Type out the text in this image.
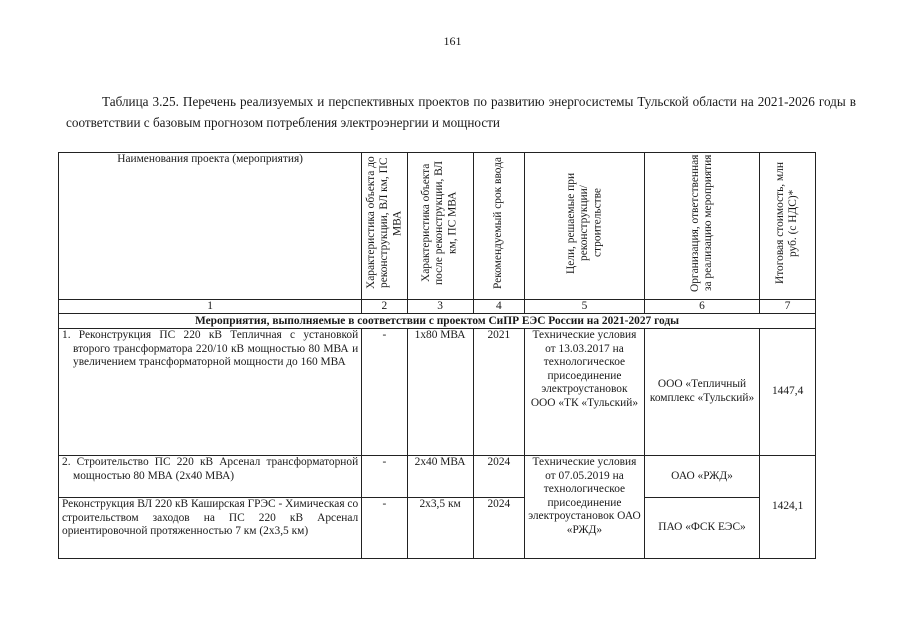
161
Таблица 3.25. Перечень реализуемых и перспективных проектов по развитию энергосистемы Тульской области на 2021-2026 годы в соответствии с базовым прогнозом потребления электроэнергии и мощности
Наименования проекта (мероприятия)	Характеристика объекта до реконструкции, ВЛ км, ПС МВА	Характеристика объекта после реконструкции, ВЛ км, ПС МВА	Рекомендуемый срок ввода	Цели, решаемые при реконструкции/ строительстве	Организация, ответственная за реализацию мероприятия	Итоговая стоимость, млн руб. (с НДС)*

1	2	3	4	5	6	7
Мероприятия, выполняемые в соответствии с проектом СиПР ЕЭС России на 2021-2027 годы						
1. Реконструкция ПС 220 кВ Тепличная с установкой второго трансформатора 220/10 кВ мощностью 80 МВА и увеличением трансформаторной мощности до 160 МВА	-	1x80 МВА	2021	Технические условия от 13.03.2017 на технологическое присоединение электроустановок ООО «ТК «Тульский»	ООО «Тепличный комплекс «Тульский»	1447,4
2. Строительство ПС 220 кВ Арсенал трансформаторной мощностью 80 МВА (2x40 МВА)	-	2x40 МВА	2024	Технические условия от 07.05.2019 на технологическое присоединение электроустановок ОАО «РЖД»	ОАО «РЖД»	1424,1
Реконструкция ВЛ 220 кВ Каширская ГРЭС - Химическая со строительством заходов на ПС 220 кВ Арсенал ориентировочной протяженностью 7 км (2x3,5 км)	-	2x3,5 км	2024		ПАО «ФСК ЕЭС»	
